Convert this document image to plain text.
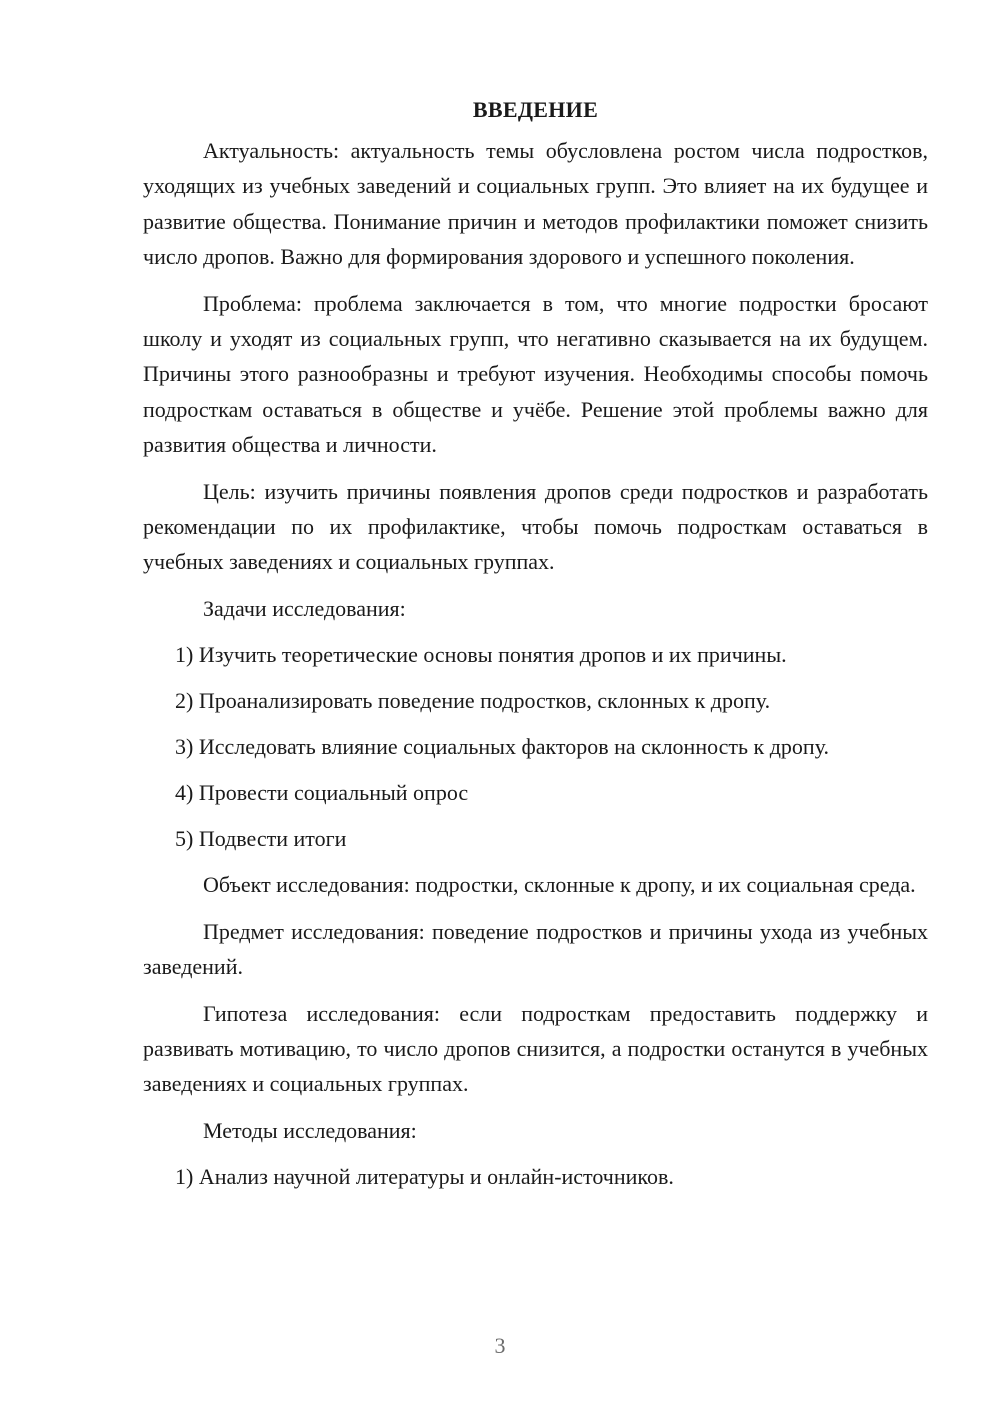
ВВЕДЕНИЕ

Актуальность: актуальность темы обусловлена ростом числа подростков, уходящих из учебных заведений и социальных групп. Это влияет на их будущее и развитие общества. Понимание причин и методов профилактики поможет снизить число дропов. Важно для формирования здорового и успешного поколения.

Проблема: проблема заключается в том, что многие подростки бросают школу и уходят из социальных групп, что негативно сказывается на их будущем. Причины этого разнообразны и требуют изучения. Необходимы способы помочь подросткам оставаться в обществе и учёбе. Решение этой проблемы важно для развития общества и личности.

Цель: изучить причины появления дропов среди подростков и разработать рекомендации по их профилактике, чтобы помочь подросткам оставаться в учебных заведениях и социальных группах.

Задачи исследования:

1) Изучить теоретические основы понятия дропов и их причины.
2) Проанализировать поведение подростков, склонных к дропу.
3) Исследовать влияние социальных факторов на склонность к дропу.
4) Провести социальный опрос
5) Подвести итоги

Объект исследования: подростки, склонные к дропу, и их социальная среда.

Предмет исследования: поведение подростков и причины ухода из учебных заведений.

Гипотеза исследования: если подросткам предоставить поддержку и развивать мотивацию, то число дропов снизится, а подростки останутся в учебных заведениях и социальных группах.

Методы исследования:

1) Анализ научной литературы и онлайн-источников.
3
